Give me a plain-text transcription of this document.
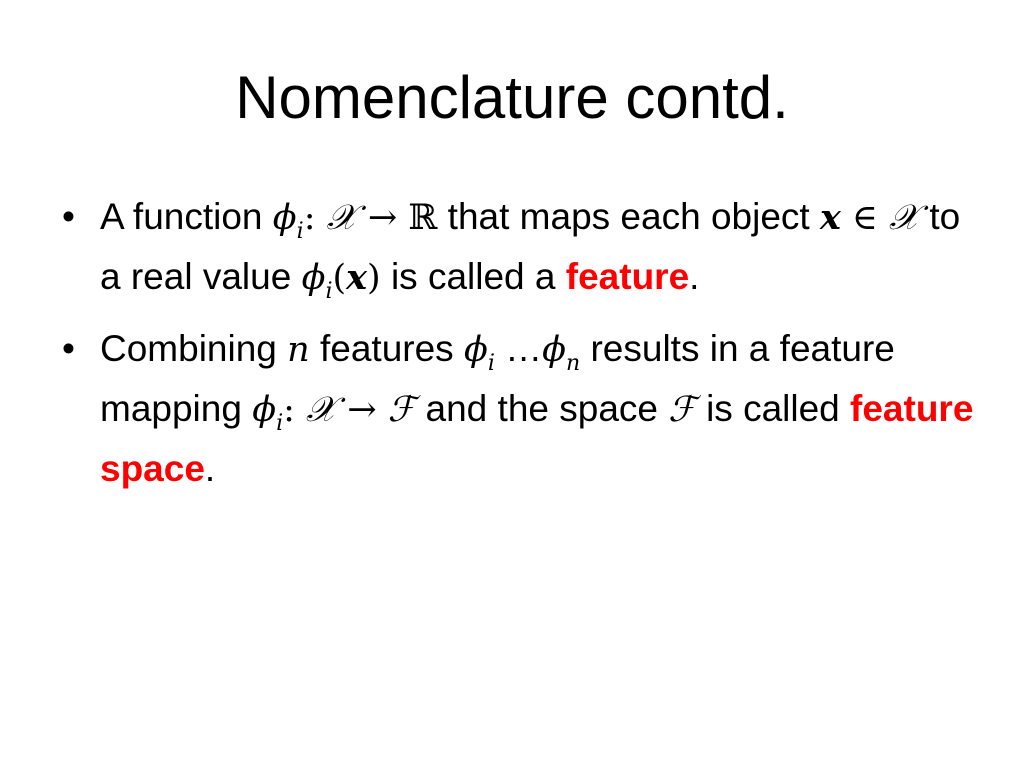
Nomenclature contd.
• A function $\phi_i$: 𝒳 → ℝ that maps each object x ∈ 𝒳 to a real value $\phi_i(x)$ is called a feature.
• Combining n features $\phi_i$ $\dots\phi_n$ results in a feature mapping $\phi_i$: 𝒳 → ℱ and the space ℱ is called feature space.
